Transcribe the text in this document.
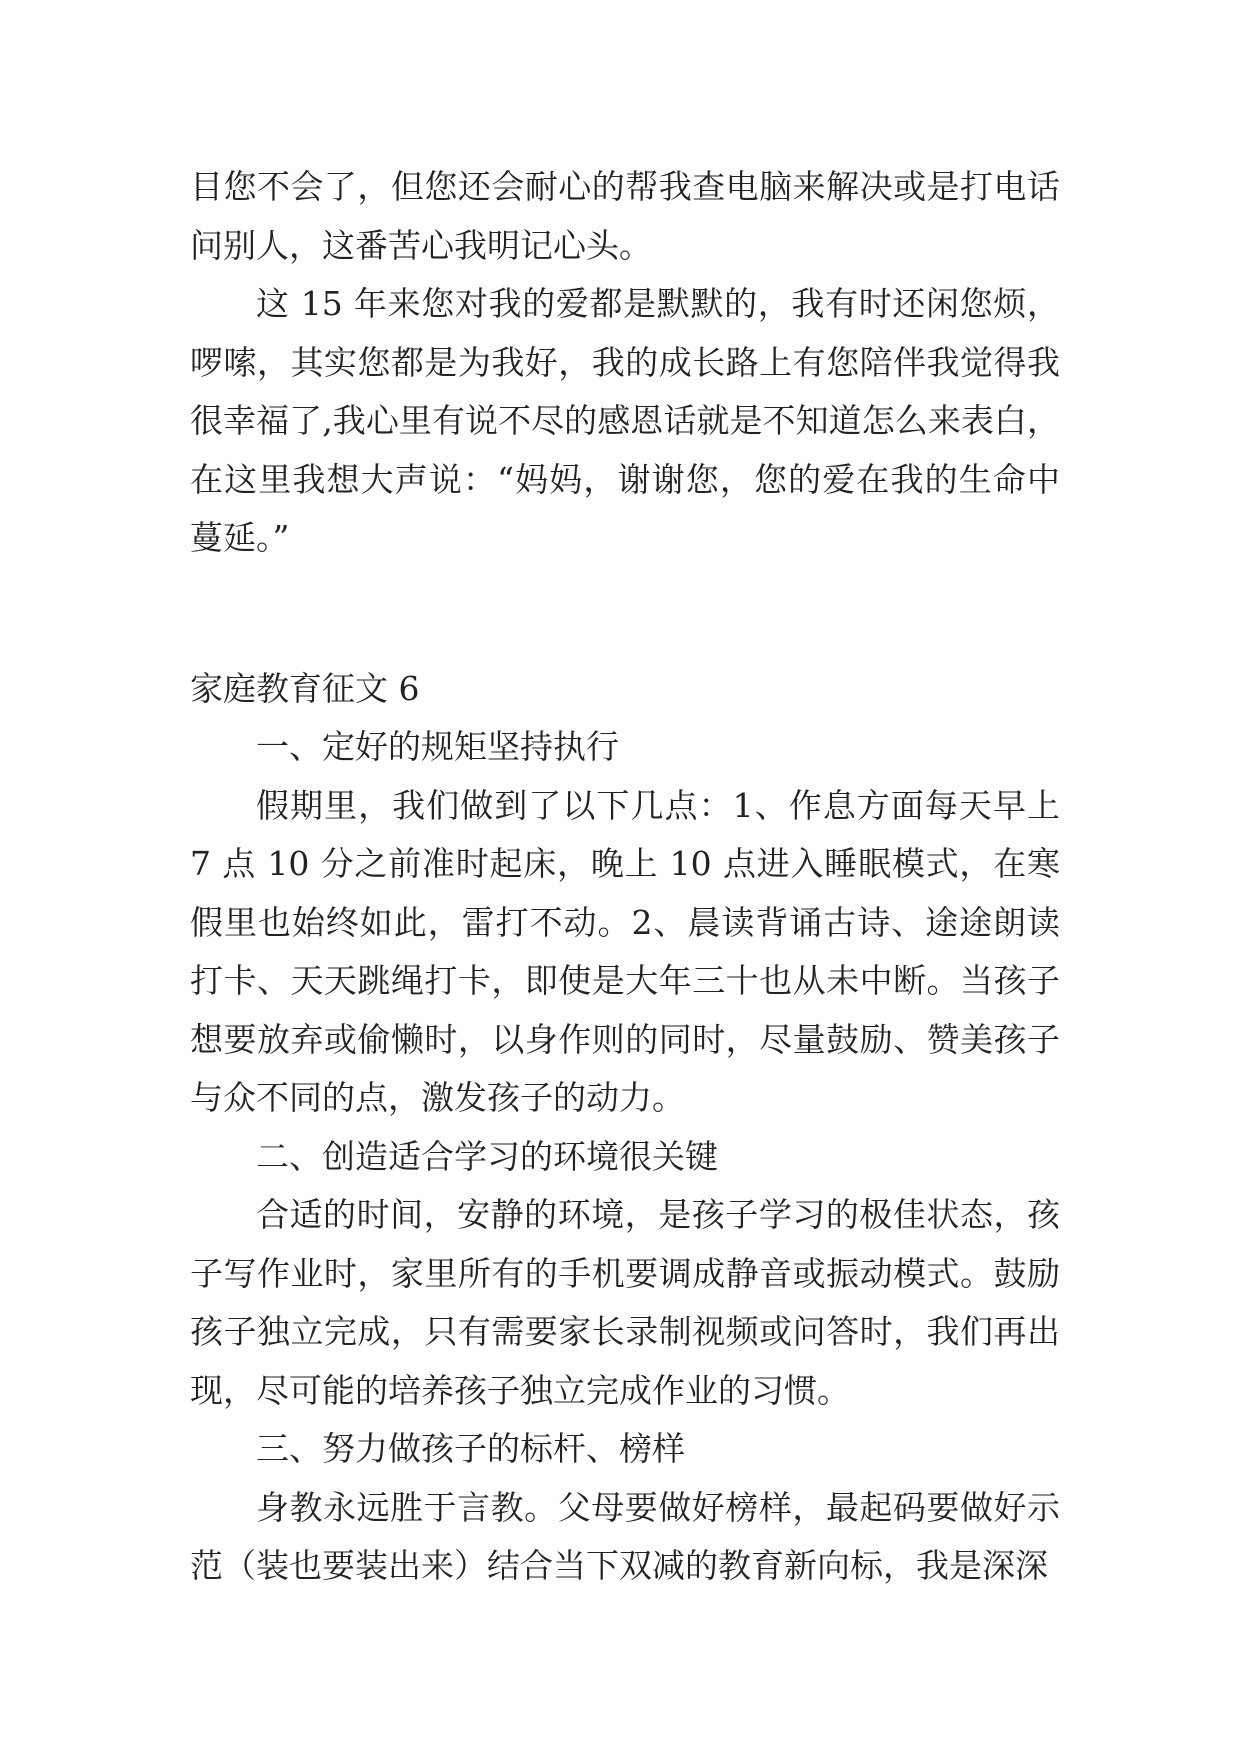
目您不会了，但您还会耐心的帮我查电脑来解决或是打电话问别人，这番苦心我明记心头。

这 15 年来您对我的爱都是默默的，我有时还闲您烦，啰嗦，其实您都是为我好，我的成长路上有您陪伴我觉得我很幸福了,我心里有说不尽的感恩话就是不知道怎么来表白，在这里我想大声说：“妈妈，谢谢您，您的爱在我的生命中蔓延。”

家庭教育征文 6

一、定好的规矩坚持执行

假期里，我们做到了以下几点：1、作息方面每天早上 7 点 10 分之前准时起床，晚上 10 点进入睡眠模式，在寒假里也始终如此，雷打不动。2、晨读背诵古诗、途途朗读打卡、天天跳绳打卡，即使是大年三十也从未中断。当孩子想要放弃或偷懒时，以身作则的同时，尽量鼓励、赞美孩子与众不同的点，激发孩子的动力。

二、创造适合学习的环境很关键

合适的时间，安静的环境，是孩子学习的极佳状态，孩子写作业时，家里所有的手机要调成静音或振动模式。鼓励孩子独立完成，只有需要家长录制视频或问答时，我们再出现，尽可能的培养孩子独立完成作业的习惯。

三、努力做孩子的标杆、榜样

身教永远胜于言教。父母要做好榜样，最起码要做好示范（装也要装出来）结合当下双减的教育新向标，我是深深
